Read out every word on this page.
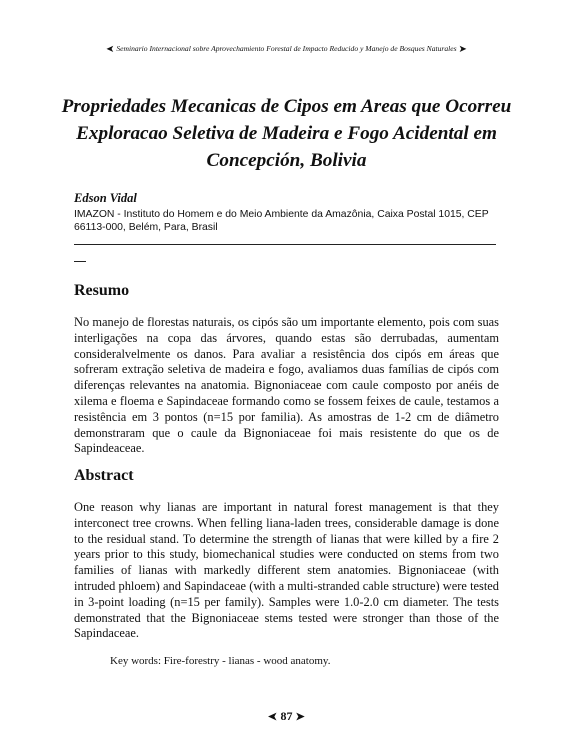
➤ Seminario Internacional sobre Aprovechamiento Forestal de Impacto Reducido y Manejo de Bosques Naturales ➤
Propriedades Mecanicas de Cipos em Areas que Ocorreu Exploracao Seletiva de Madeira e Fogo Acidental em Concepción, Bolivia
Edson Vidal
IMAZON - Instituto do Homem e do Meio Ambiente da Amazônia, Caixa Postal 1015, CEP 66113-000, Belém, Para, Brasil
Resumo
No manejo de florestas naturais, os cipós são um importante elemento, pois com suas interligações na copa das árvores, quando estas são derrubadas, aumentam consideralvelmente os danos. Para avaliar a resistência dos cipós em áreas que sofreram extração seletiva de madeira e fogo, avaliamos duas famílias de cipós com diferenças relevantes na anatomia. Bignoniaceae com caule composto por anéis de xilema e floema e Sapindaceae formando como se fossem feixes de caule, testamos a resistência em 3 pontos (n=15 por familia). As amostras de 1-2 cm de diâmetro demonstraram que o caule da Bignoniaceae foi mais resistente do que os de Sapindeaceae.
Abstract
One reason why lianas are important in natural forest management is that they interconect tree crowns. When felling liana-laden trees, considerable damage is done to the residual stand. To determine the strength of lianas that were killed by a fire 2 years prior to this study, biomechanical studies were conducted on stems from two families of lianas with markedly different stem anatomies. Bignoniaceae (with intruded phloem) and Sapindaceae (with a multi-stranded cable structure) were tested in 3-point loading (n=15 per family). Samples were 1.0-2.0 cm diameter. The tests demonstrated that the Bignoniaceae stems tested were stronger than those of the Sapindaceae.
Key words: Fire-forestry - lianas - wood anatomy.
➤ 87 ➤
